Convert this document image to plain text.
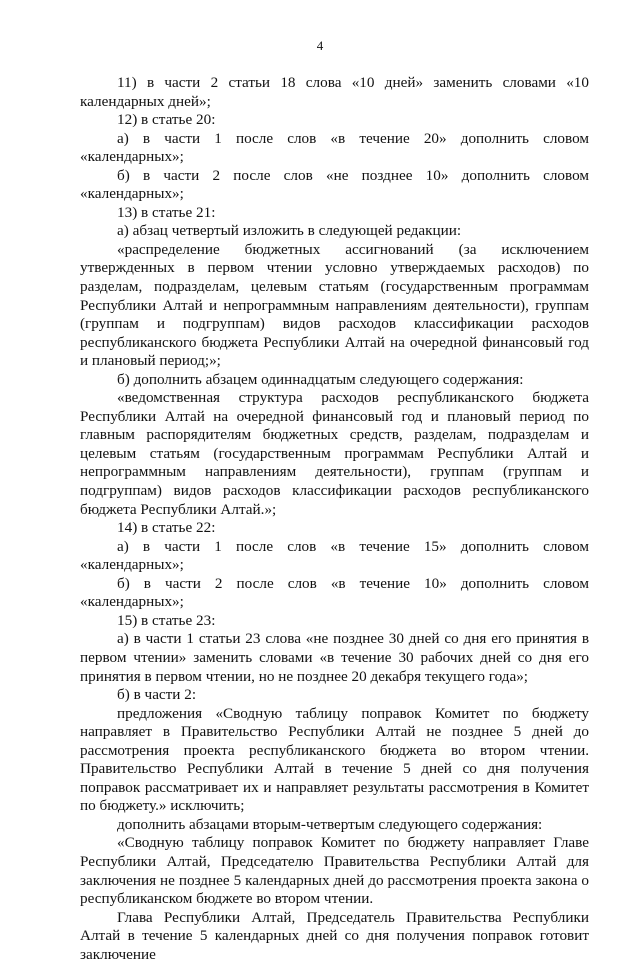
4

11) в части 2 статьи 18 слова «10 дней» заменить словами «10 календарных дней»;

12) в статье 20:

а) в части 1 после слов «в течение 20» дополнить словом «календарных»;

б) в части 2 после слов «не позднее 10» дополнить словом «календарных»;

13) в статье 21:

а) абзац четвертый изложить в следующей редакции:

«распределение бюджетных ассигнований (за исключением утвержденных в первом чтении условно утверждаемых расходов) по разделам, подразделам, целевым статьям (государственным программам Республики Алтай и непрограммным направлениям деятельности), группам (группам и подгруппам) видов расходов классификации расходов республиканского бюджета Республики Алтай на очередной финансовый год и плановый период;»;

б) дополнить абзацем одиннадцатым следующего содержания:

«ведомственная структура расходов республиканского бюджета Республики Алтай на очередной финансовый год и плановый период по главным распорядителям бюджетных средств, разделам, подразделам и целевым статьям (государственным программам Республики Алтай и непрограммным направлениям деятельности), группам (группам и подгруппам) видов расходов классификации расходов республиканского бюджета Республики Алтай.»;

14) в статье 22:

а) в части 1 после слов «в течение 15» дополнить словом «календарных»;

б) в части 2 после слов «в течение 10» дополнить словом «календарных»;

15) в статье 23:

а) в части 1 статьи 23 слова «не позднее 30 дней со дня его принятия в первом чтении» заменить словами «в течение 30 рабочих дней со дня его принятия в первом чтении, но не позднее 20 декабря текущего года»;

б) в части 2:

предложения «Сводную таблицу поправок Комитет по бюджету направляет в Правительство Республики Алтай не позднее 5 дней до рассмотрения проекта республиканского бюджета во втором чтении. Правительство Республики Алтай в течение 5 дней со дня получения поправок рассматривает их и направляет результаты рассмотрения в Комитет по бюджету.» исключить;

дополнить абзацами вторым-четвертым следующего содержания:

«Сводную таблицу поправок Комитет по бюджету направляет Главе Республики Алтай, Председателю Правительства Республики Алтай для заключения не позднее 5 календарных дней до рассмотрения проекта закона о республиканском бюджете во втором чтении.

Глава Республики Алтай, Председатель Правительства Республики Алтай в течение 5 календарных дней со дня получения поправок готовит заключение
